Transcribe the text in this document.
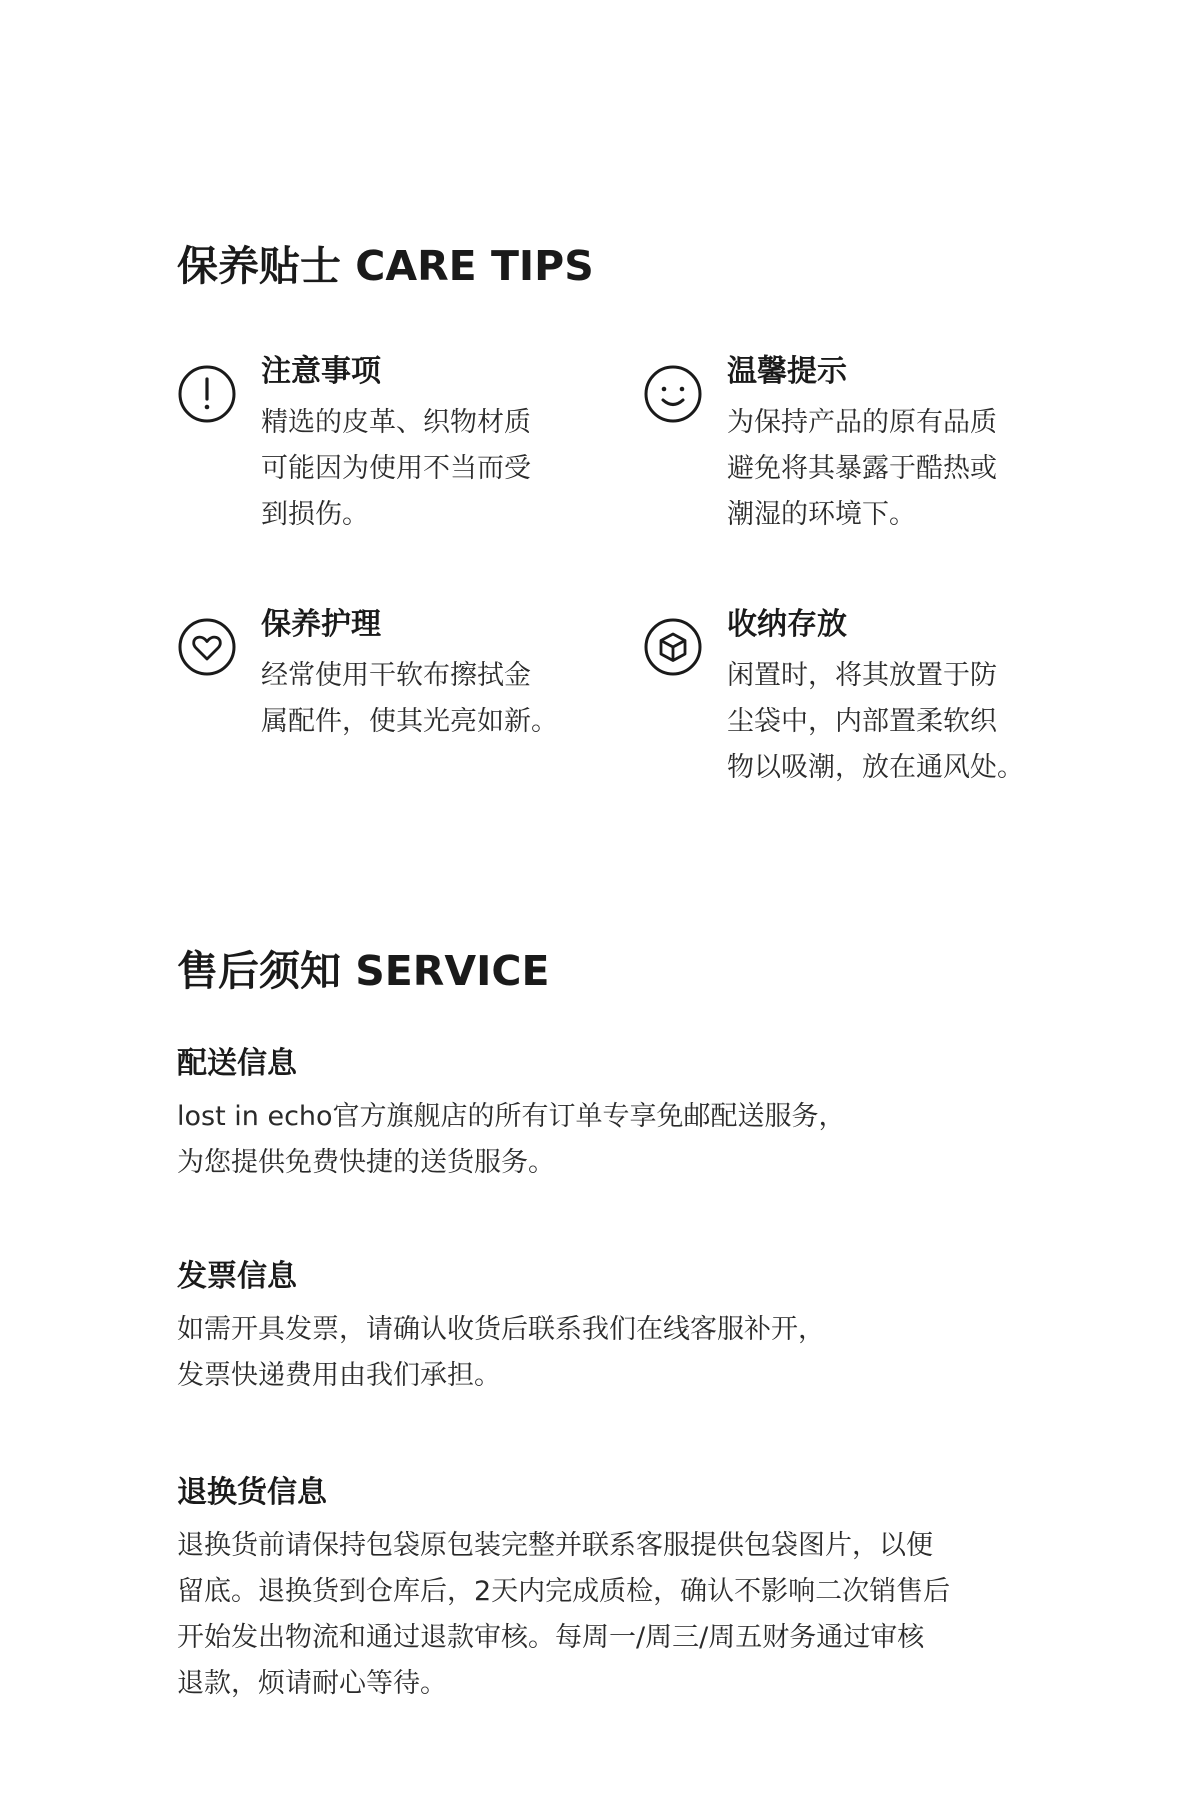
保养贴士 CARE TIPS
注意事项
精选的皮革、织物材质
可能因为使用不当而受
到损伤。
温馨提示
为保持产品的原有品质
避免将其暴露于酷热或
潮湿的环境下。
保养护理
经常使用干软布擦拭金
属配件，使其光亮如新。
收纳存放
闲置时，将其放置于防
尘袋中，内部置柔软织
物以吸潮，放在通风处。
售后须知 SERVICE
配送信息
lost in echo官方旗舰店的所有订单专享免邮配送服务，
为您提供免费快捷的送货服务。
发票信息
如需开具发票，请确认收货后联系我们在线客服补开，
发票快递费用由我们承担。
退换货信息
退换货前请保持包袋原包装完整并联系客服提供包袋图片，以便
留底。退换货到仓库后，2天内完成质检，确认不影响二次销售后
开始发出物流和通过退款审核。每周一/周三/周五财务通过审核
退款，烦请耐心等待。
